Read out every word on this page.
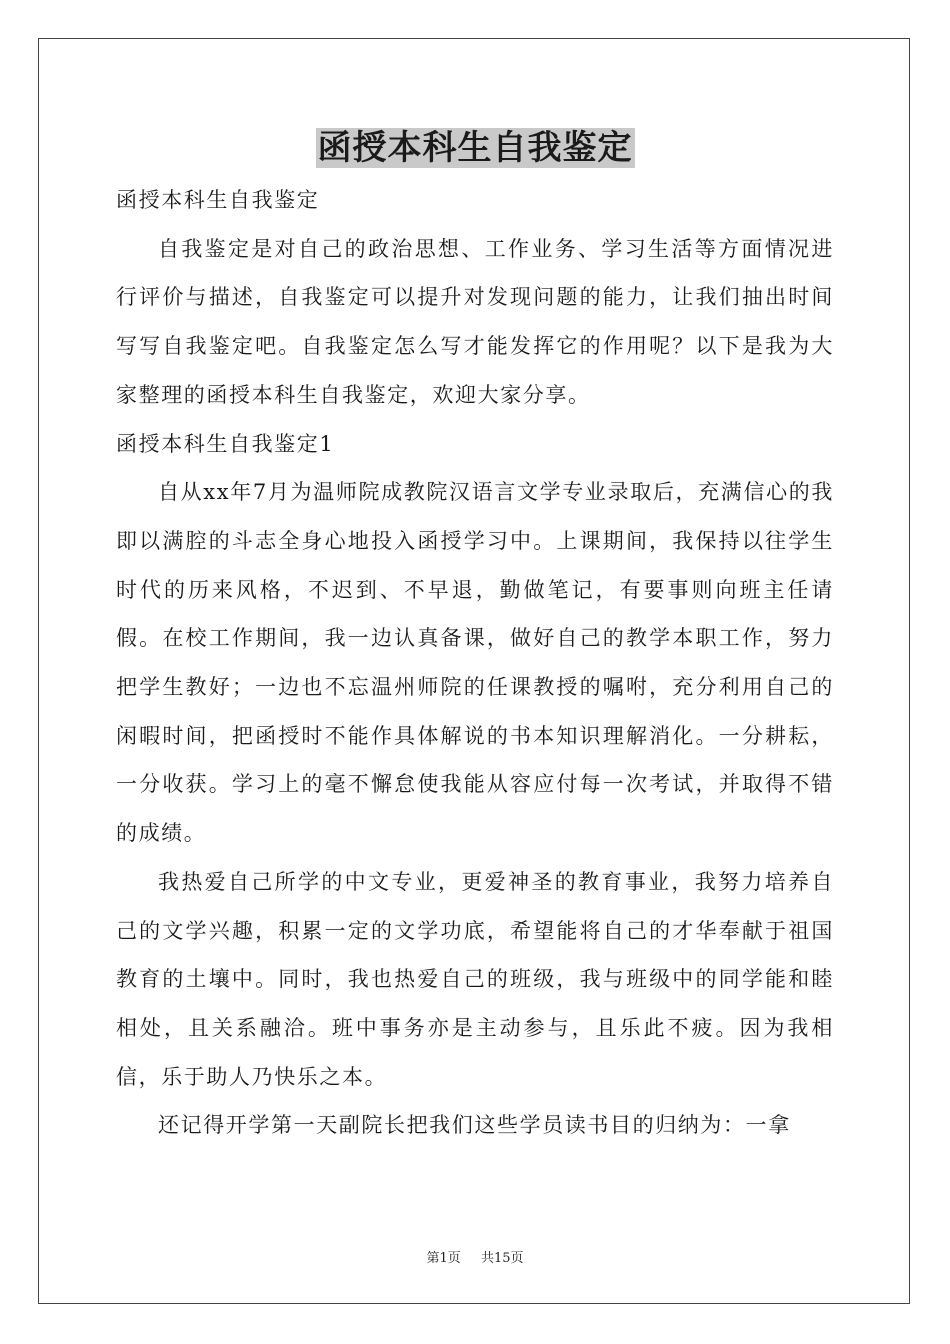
函授本科生自我鉴定

函授本科生自我鉴定

自我鉴定是对自己的政治思想、工作业务、学习生活等方面情况进行评价与描述，自我鉴定可以提升对发现问题的能力，让我们抽出时间写写自我鉴定吧。自我鉴定怎么写才能发挥它的作用呢？以下是我为大家整理的函授本科生自我鉴定，欢迎大家分享。

函授本科生自我鉴定1

自从xx年7月为温师院成教院汉语言文学专业录取后，充满信心的我即以满腔的斗志全身心地投入函授学习中。上课期间，我保持以往学生时代的历来风格，不迟到、不早退，勤做笔记，有要事则向班主任请假。在校工作期间，我一边认真备课，做好自己的教学本职工作，努力把学生教好；一边也不忘温州师院的任课教授的嘱咐，充分利用自己的闲暇时间，把函授时不能作具体解说的书本知识理解消化。一分耕耘，一分收获。学习上的毫不懈怠使我能从容应付每一次考试，并取得不错的成绩。

我热爱自己所学的中文专业，更爱神圣的教育事业，我努力培养自己的文学兴趣，积累一定的文学功底，希望能将自己的才华奉献于祖国教育的土壤中。同时，我也热爱自己的班级，我与班级中的同学能和睦相处，且关系融洽。班中事务亦是主动参与，且乐此不疲。因为我相信，乐于助人乃快乐之本。

还记得开学第一天副院长把我们这些学员读书目的归纳为：一拿

第1页 共15页
